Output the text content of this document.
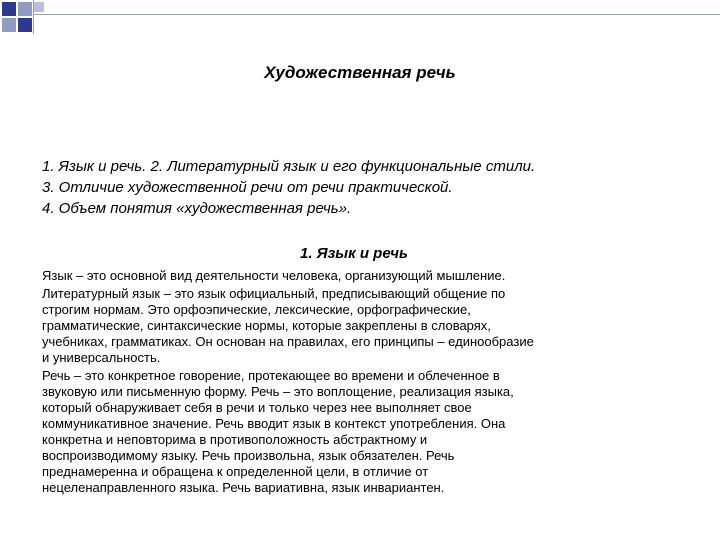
Художественная речь
1. Язык и речь. 2. Литературный язык и его функциональные стили.
3. Отличие художественной речи от речи практической.
4. Объем понятия «художественная речь».
1. Язык и речь
Язык – это основной вид деятельности человека, организующий мышление.
Литературный язык – это язык официальный, предписывающий общение по
строгим нормам. Это орфоэпические, лексические, орфографические,
грамматические, синтаксические нормы, которые закреплены в словарях,
учебниках, грамматиках. Он основан на правилах, его принципы – единообразие
и универсальность.
Речь – это конкретное говорение, протекающее во времени и облеченное в
звуковую или письменную форму. Речь – это воплощение, реализация языка,
который обнаруживает себя в речи и только через нее выполняет свое
коммуникативное значение. Речь вводит язык в контекст употребления. Она
конкретна и неповторима в противоположность абстрактному и
воспроизводимому языку. Речь произвольна, язык обязателен. Речь
преднамеренна и обращена к определенной цели, в отличие от
нецеленаправленного языка. Речь вариативна, язык инвариантен.
